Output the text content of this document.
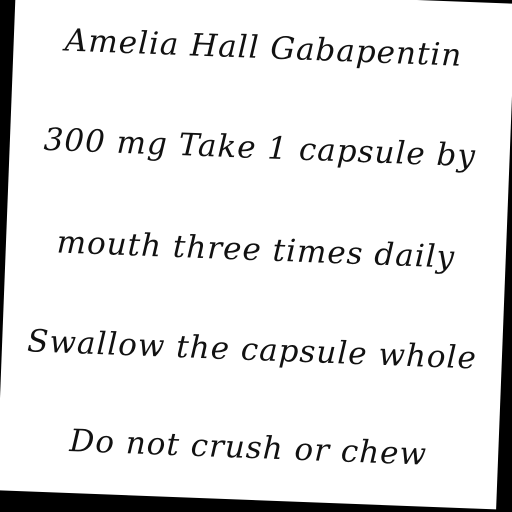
Amelia Hall Gabapentin
300 mg Take 1 capsule by
mouth three times daily
Swallow the capsule whole
Do not crush or chew
